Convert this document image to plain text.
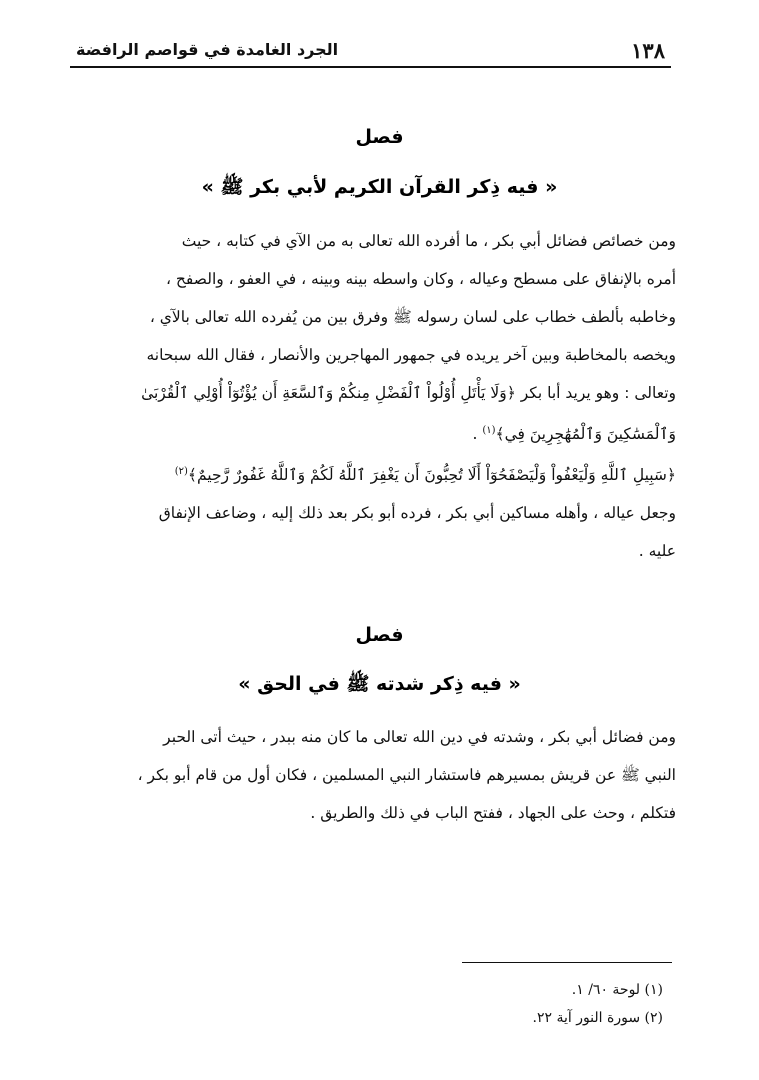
١٣٨
الجرد الغامدة في قواصم الرافضة
فصل
« فيه ذِكر القرآن الكريم لأبي بكر ﷺ »
ومن خصائص فضائل أبي بكر ، ما أفرده الله تعالى به من الآي في كتابه ، حيث
أمره بالإنفاق على مسطح وعياله ، وكان واسطه بينه وبينه ، في العفو ، والصفح ،
وخاطبه بألطف خطاب على لسان رسوله ﷺ وفرق بين من يُفرده الله تعالى بالآي ،
ويخصه بالمخاطبة وبين آخر يريده في جمهور المهاجرين والأنصار ، فقال الله سبحانه
وتعالى : وهو يريد أبا بكر ﴿وَلَا يَأْتَلِ أُوْلُواْ ٱلْفَضْلِ مِنكُمْ وَٱلسَّعَةِ أَن يُؤْتُوٓاْ أُوْلِي ٱلْقُرْبَىٰ
وَٱلْمَسَٰكِينَ وَٱلْمُهَٰجِرِينَ فِي﴾$^{(١)}$ .
﴿سَبِيلِ ٱللَّهِ وَلْيَعْفُواْ وَلْيَصْفَحُوٓاْ أَلَا تُحِبُّونَ أَن يَغْفِرَ ٱللَّهُ لَكُمْ وَٱللَّهُ غَفُورٌ رَّحِيمٌ﴾$^{(٢)}$
وجعل عياله ، وأهله مساكين أبي بكر ، فرده أبو بكر بعد ذلك إليه ، وضاعف الإنفاق
عليه .
فصل
« فيه ذِكر شدته ﷺ في الحق »
ومن فضائل أبي بكر ، وشدته في دين الله تعالى ما كان منه ببدر ، حيث أتى الحبر
النبي ﷺ عن قريش بمسيرهم فاستشار النبي المسلمين ، فكان أول من قام أبو بكر ،
فتكلم ، وحث على الجهاد ، ففتح الباب في ذلك والطريق .
(١) لوحة ٦٠/ ١.
(٢) سورة النور آية ٢٢.
